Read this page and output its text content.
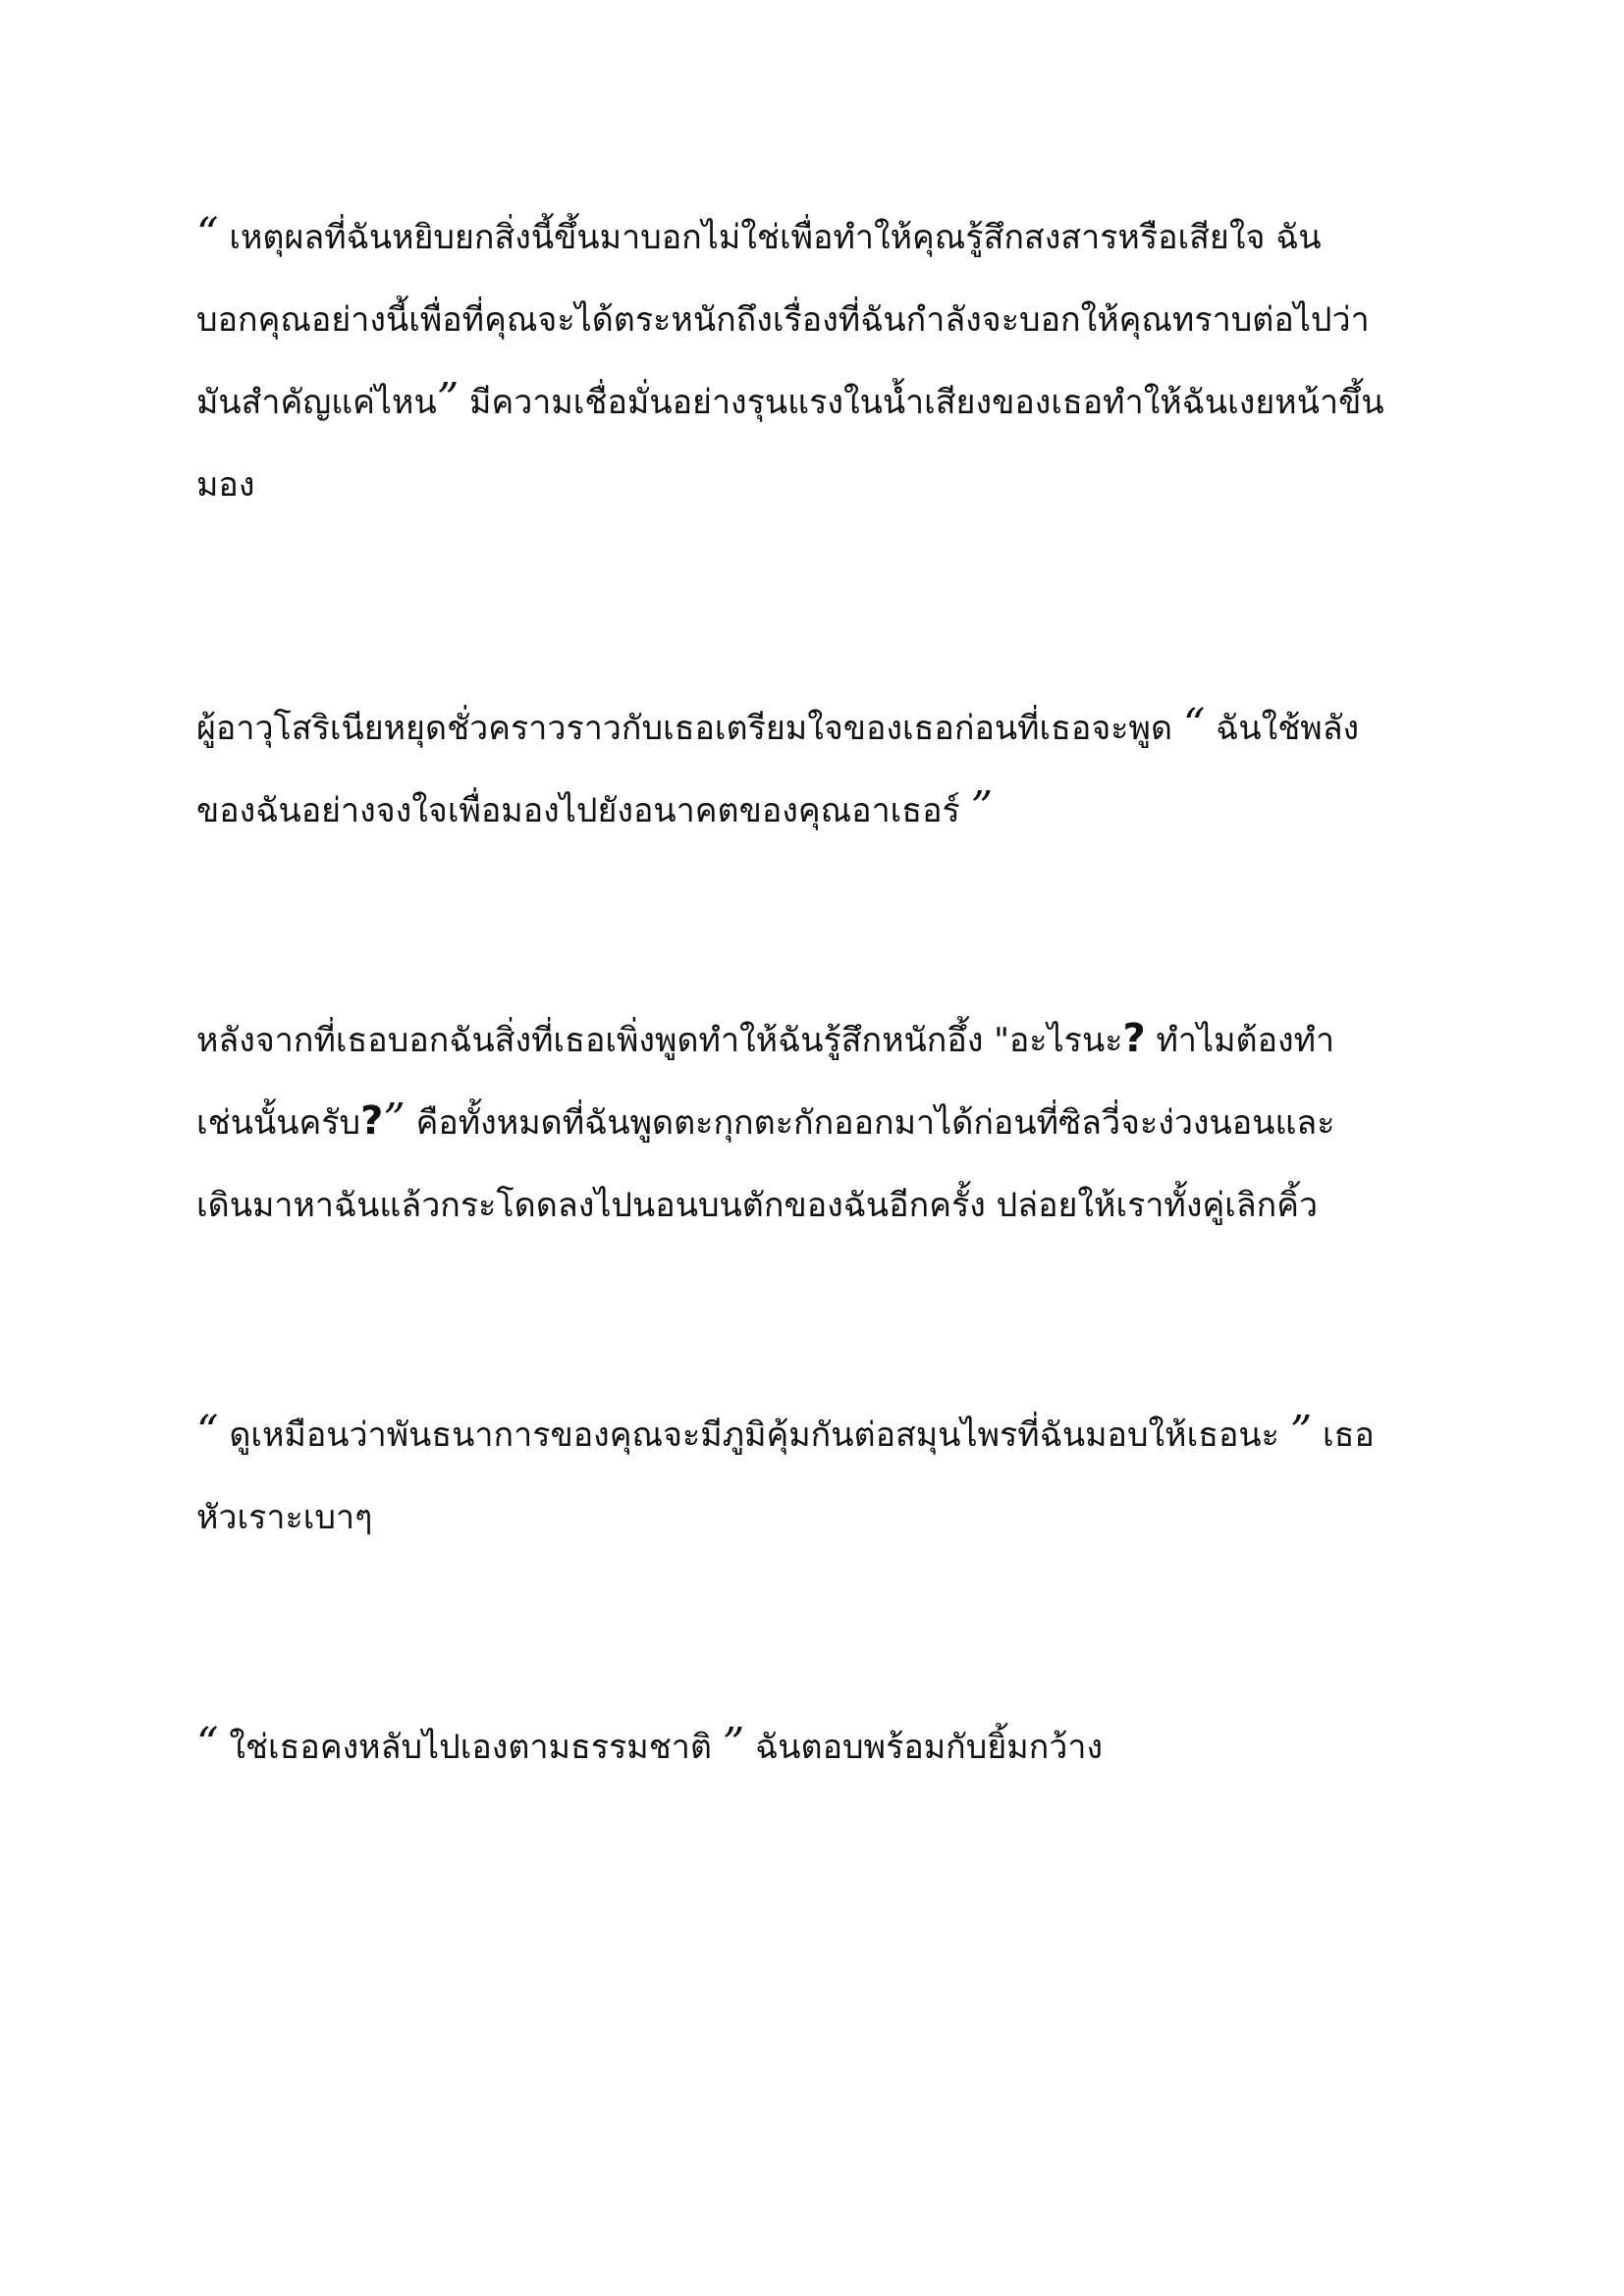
“ เหตผลทฉนหยบยกสงนขนมาบอกไมใชเพอทใหคณรสกสงสารหรอเสยใจ ฉน
บอกคณอยางนเพอทคณจะไดตระหนกถงเรองทฉนกลงจะบอกใหคณทราบตอไปวา
มนสคญแคไหน” มความเชอมนอยางรนแรงในนเสยงของเธอทใหฉนเงยหนาขน
มอง

ผอาวโสรเนยหยดชวคราวราวกบเธอเตรยมใจของเธอกอนทเธอจะพด “ ฉนใชพลง
ของฉนอยางจงใจเพอมองไปยงอนาคตของคณอาเธอร ”

หลงจากทเธอบอกฉนสงทเธอเพงพดทใหฉนรสกหนกอง "อะไรนะ? ทไมตองท
เชนนนครบ?” คอทงหมดทฉนพดตะกกตะกกออกมาไดกอนทซลวจะงวงนอนและ
เดนมาหาฉนแลวกระโดดลงไปนอนบนตกของฉนอกครง ปลอยใหเราทงคเลกคว

“ ดเหมอนวาพนธนาการของคณจะมภมคมกนตอสมนไพรทฉนมอบใหเธอนะ ” เธอ
หวเราะเบาๆ

“ ใชเธอคงหลบไปเองตามธรรมชาต ” ฉนตอบพรอมกบยมกวาง
